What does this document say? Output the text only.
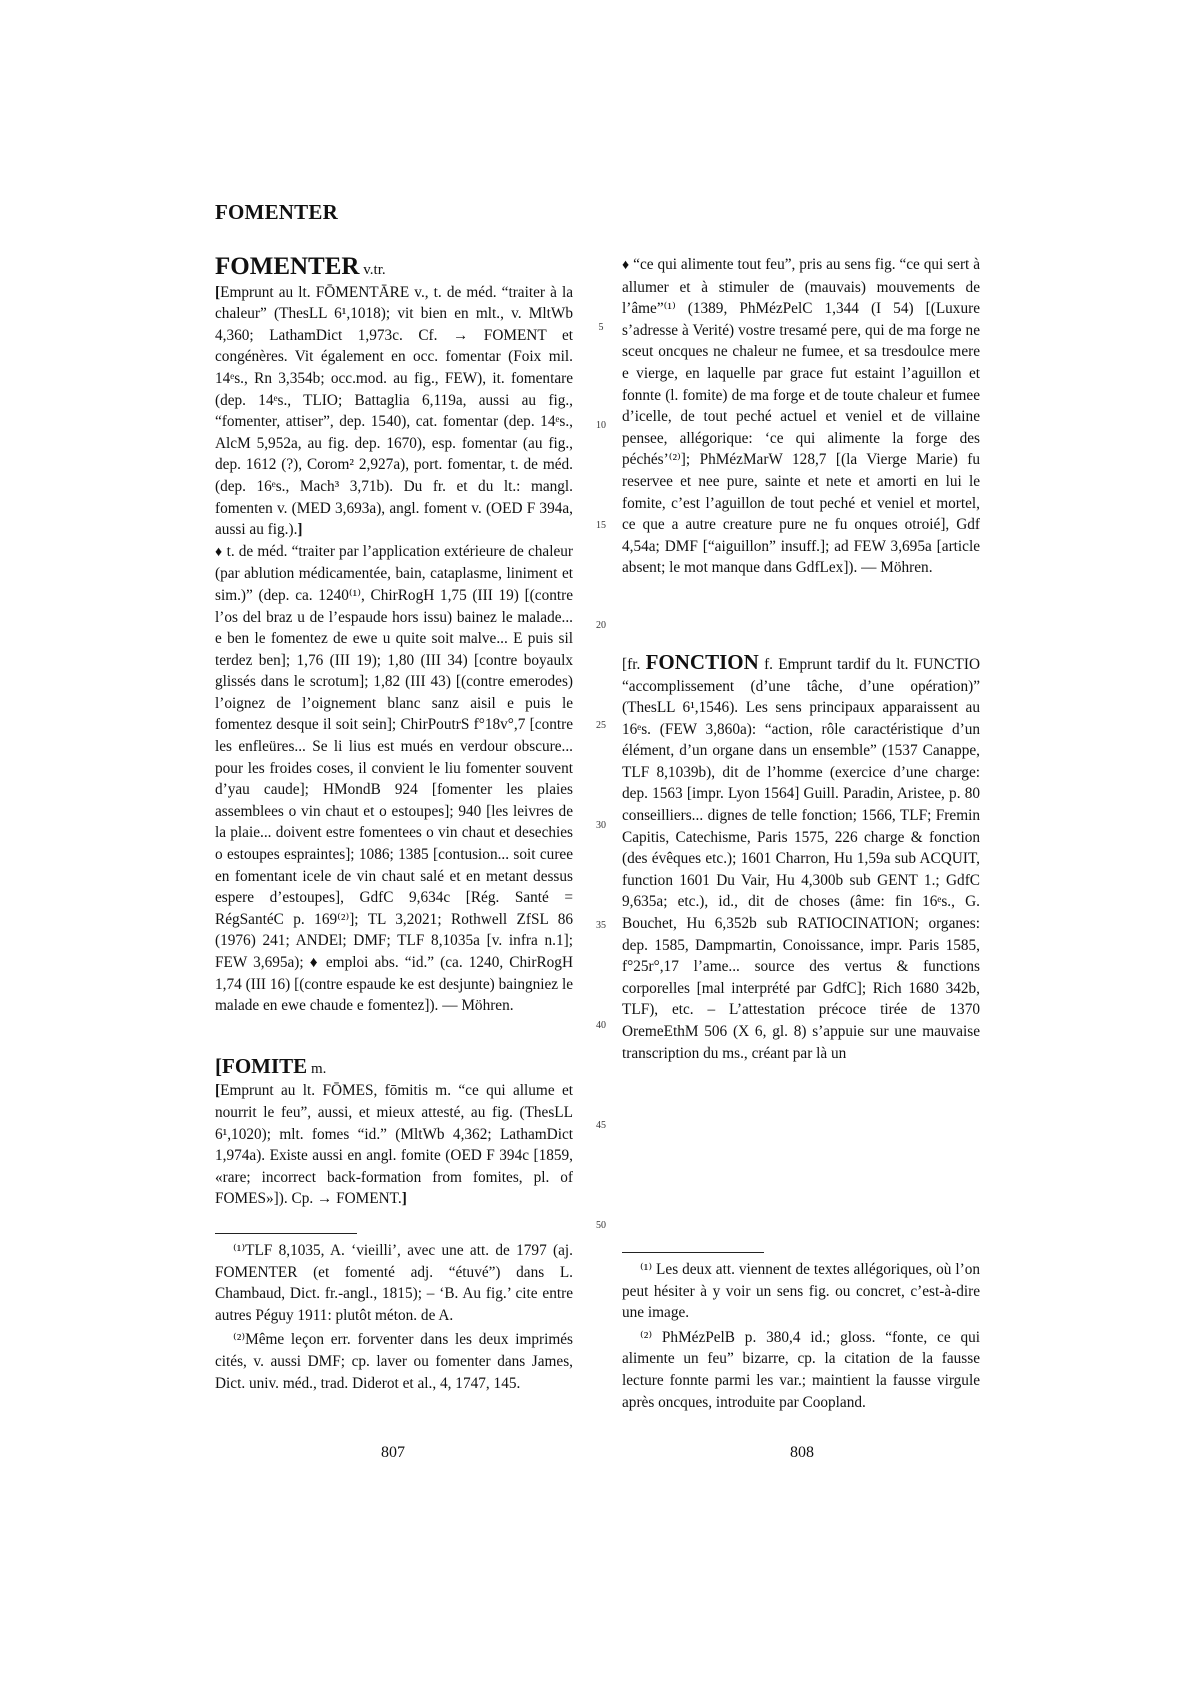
FOMENTER

FOMENTER v.tr.

[Emprunt au lt. FŌMENTĀRE v., t. de méd. “traiter à la chaleur” (ThesLL 6¹,1018); vit bien en mlt., v. MltWb 4,360; LathamDict 1,973c. Cf. → FOMENT et congénères. Vit également en occ. fomentar (Foix mil. 14ᵉs., Rn 3,354b; occ.mod. au fig., FEW), it. fomentare (dep. 14ᵉs., TLIO; Battaglia 6,119a, aussi au fig., “fomenter, attiser”, dep. 1540), cat. fomentar (dep. 14ᵉs., AlcM 5,952a, au fig. dep. 1670), esp. fomentar (au fig., dep. 1612 (?), Corom² 2,927a), port. fomentar, t. de méd. (dep. 16ᵉs., Mach³ 3,71b). Du fr. et du lt.: mangl. fomenten v. (MED 3,693a), angl. foment v. (OED F 394a, aussi au fig.).]

♦ t. de méd. “traiter par l’application extérieure de chaleur (par ablution médicamentée, bain, cataplasme, liniment et sim.)” (dep. ca. 1240⁽¹⁾, ChirRogH 1,75 (III 19) [(contre l’os del braz u de l’espaude hors issu) bainez le malade... e ben le fomentez de ewe u quite soit malve... E puis sil terdez ben]; 1,76 (III 19); 1,80 (III 34) [contre boyaulx glissés dans le scrotum]; 1,82 (III 43) [(contre emerodes) l’oignez de l’oignement blanc sanz aisil e puis le fomentez desque il soit sein]; ChirPoutrS f°18v°,7 [contre les enfleüres... Se li lius est mués en verdour obscure... pour les froides coses, il convient le liu fomenter souvent d’yau caude]; HMondB 924 [fomenter les plaies assemblees o vin chaut et o estoupes]; 940 [les leivres de la plaie... doivent estre fomentees o vin chaut et desechies o estoupes espraintes]; 1086; 1385 [contusion... soit curee en fomentant icele de vin chaut salé et en metant dessus espere d’estoupes], GdfC 9,634c [Rég. Santé = RégSantéC p. 169⁽²⁾]; TL 3,2021; Rothwell ZfSL 86 (1976) 241; ANDEl; DMF; TLF 8,1035a [v. infra n.1]; FEW 3,695a); ♦ emploi abs. “id.” (ca. 1240, ChirRogH 1,74 (III 16) [(contre espaude ke est desjunte) baingniez le malade en ewe chaude e fomentez]). — Möhren.

[FOMITE m.

[Emprunt au lt. FŌMES, fōmitis m. “ce qui allume et nourrit le feu”, aussi, et mieux attesté, au fig. (ThesLL 6¹,1020); mlt. fomes “id.” (MltWb 4,362; LathamDict 1,974a). Existe aussi en angl. fomite (OED F 394c [1859, «rare; incorrect back-formation from fomites, pl. of FOMES»]). Cp. → FOMENT.]

5
10
15
20
25
30
35
40
45
50

♦ “ce qui alimente tout feu”, pris au sens fig. “ce qui sert à allumer et à stimuler de (mauvais) mouvements de l’âme”⁽¹⁾ (1389, PhMézPelC 1,344 (I 54) [(Luxure s’adresse à Verité) vostre tresamé pere, qui de ma forge ne sceut oncques ne chaleur ne fumee, et sa tresdoulce mere e vierge, en laquelle par grace fut estaint l’aguillon et fonnte (l. fomite) de ma forge et de toute chaleur et fumee d’icelle, de tout peché actuel et veniel et de villaine pensee, allégorique: ‘ce qui alimente la forge des péchés’⁽²⁾]; PhMézMarW 128,7 [(la Vierge Marie) fu reservee et nee pure, sainte et nete et amorti en lui le fomite, c’est l’aguillon de tout peché et veniel et mortel, ce que a autre creature pure ne fu onques otroié], Gdf 4,54a; DMF [“aiguillon” insuff.]; ad FEW 3,695a [article absent; le mot manque dans GdfLex]). — Möhren.

[fr. FONCTION f. Emprunt tardif du lt. FUNCTIO “accomplissement (d’une tâche, d’une opération)” (ThesLL 6¹,1546). Les sens principaux apparaissent au 16ᵉs. (FEW 3,860a): “action, rôle caractéristique d’un élément, d’un organe dans un ensemble” (1537 Canappe, TLF 8,1039b), dit de l’homme (exercice d’une charge: dep. 1563 [impr. Lyon 1564] Guill. Paradin, Aristee, p. 80 conseilliers... dignes de telle fonction; 1566, TLF; Fremin Capitis, Catechisme, Paris 1575, 226 charge & fonction (des évêques etc.); 1601 Charron, Hu 1,59a sub ACQUIT, function 1601 Du Vair, Hu 4,300b sub GENT 1.; GdfC 9,635a; etc.), id., dit de choses (âme: fin 16ᵉs., G. Bouchet, Hu 6,352b sub RATIOCINATION; organes: dep. 1585, Dampmartin, Conoissance, impr. Paris 1585, f°25r°,17 l’ame... source des vertus & functions corporelles [mal interprété par GdfC]; Rich 1680 342b, TLF), etc. – L’attestation précoce tirée de 1370 OremeEthM 506 (X 6, gl. 8) s’appuie sur une mauvaise transcription du ms., créant par là un

⁽¹⁾TLF 8,1035, A. ‘vieilli’, avec une att. de 1797 (aj. FOMENTER (et fomenté adj. “étuvé”) dans L. Chambaud, Dict. fr.-angl., 1815); – ‘B. Au fig.’ cite entre autres Péguy 1911: plutôt méton. de A.

⁽²⁾Même leçon err. forventer dans les deux imprimés cités, v. aussi DMF; cp. laver ou fomenter dans James, Dict. univ. méd., trad. Diderot et al., 4, 1747, 145.

⁽¹⁾ Les deux att. viennent de textes allégoriques, où l’on peut hésiter à y voir un sens fig. ou concret, c’est-à-dire une image.

⁽²⁾ PhMézPelB p. 380,4 id.; gloss. “fonte, ce qui alimente un feu” bizarre, cp. la citation de la fausse lecture fonnte parmi les var.; maintient la fausse virgule après oncques, introduite par Coopland.

807	808
